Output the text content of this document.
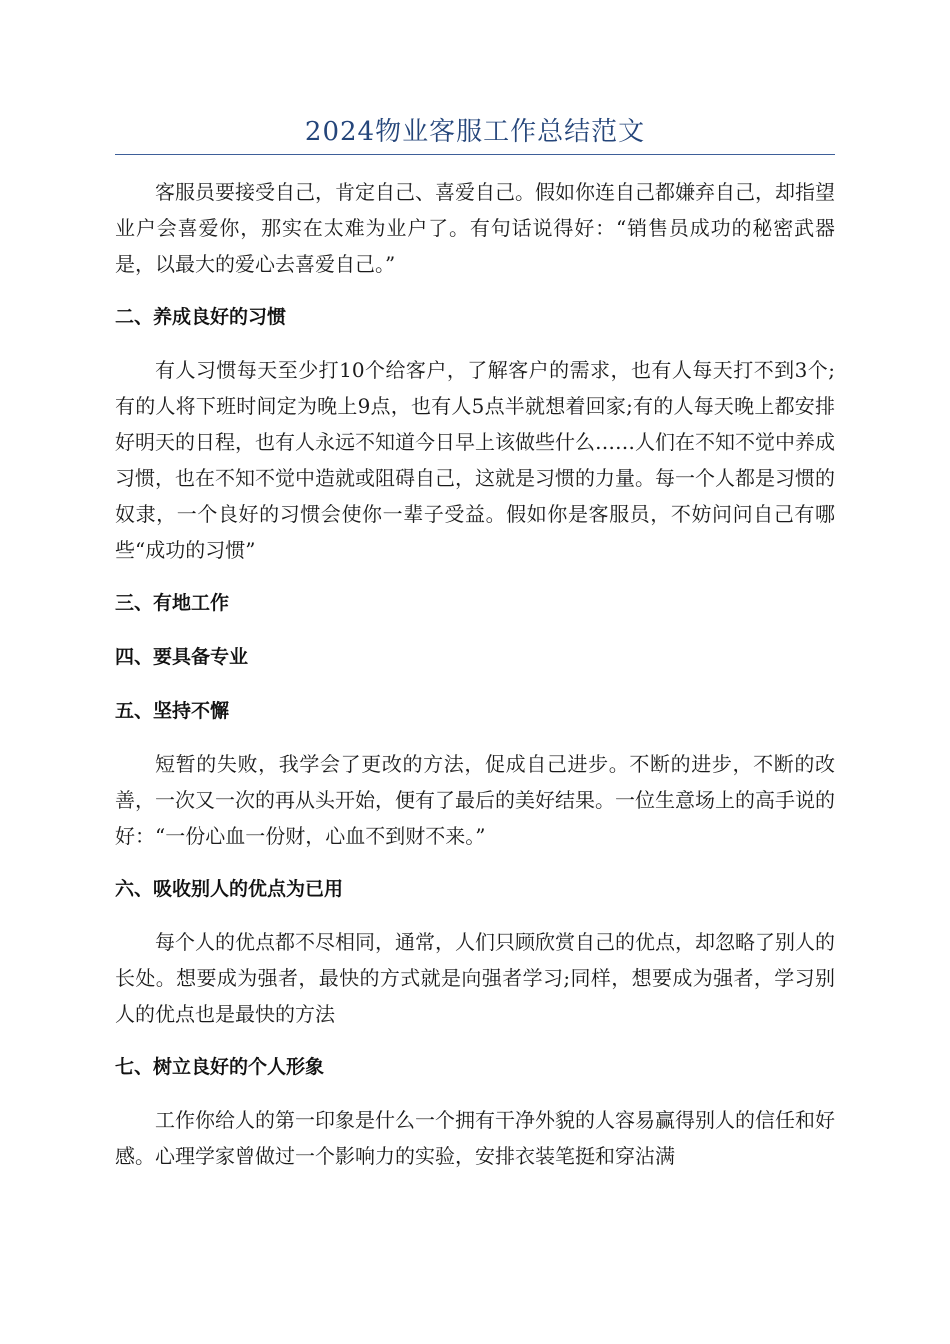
2024物业客服工作总结范文

客服员要接受自己，肯定自己、喜爱自己。假如你连自己都嫌弃自己，却指望业户会喜爱你，那实在太难为业户了。有句话说得好：“销售员成功的秘密武器是，以最大的爱心去喜爱自己。”

二、养成良好的习惯

有人习惯每天至少打10个给客户，了解客户的需求，也有人每天打不到3个;有的人将下班时间定为晚上9点，也有人5点半就想着回家;有的人每天晚上都安排好明天的日程，也有人永远不知道今日早上该做些什么……人们在不知不觉中养成习惯，也在不知不觉中造就或阻碍自己，这就是习惯的力量。每一个人都是习惯的奴隶，一个良好的习惯会使你一辈子受益。假如你是客服员，不妨问问自己有哪些“成功的习惯”

三、有地工作
四、要具备专业
五、坚持不懈

短暂的失败，我学会了更改的方法，促成自己进步。不断的进步，不断的改善，一次又一次的再从头开始，便有了最后的美好结果。一位生意场上的高手说的好：“一份心血一份财，心血不到财不来。”

六、吸收别人的优点为已用

每个人的优点都不尽相同，通常，人们只顾欣赏自己的优点，却忽略了别人的长处。想要成为强者，最快的方式就是向强者学习;同样，想要成为强者，学习别人的优点也是最快的方法

七、树立良好的个人形象

工作你给人的第一印象是什么一个拥有干净外貌的人容易赢得别人的信任和好感。心理学家曾做过一个影响力的实验，安排衣装笔挺和穿沾满
